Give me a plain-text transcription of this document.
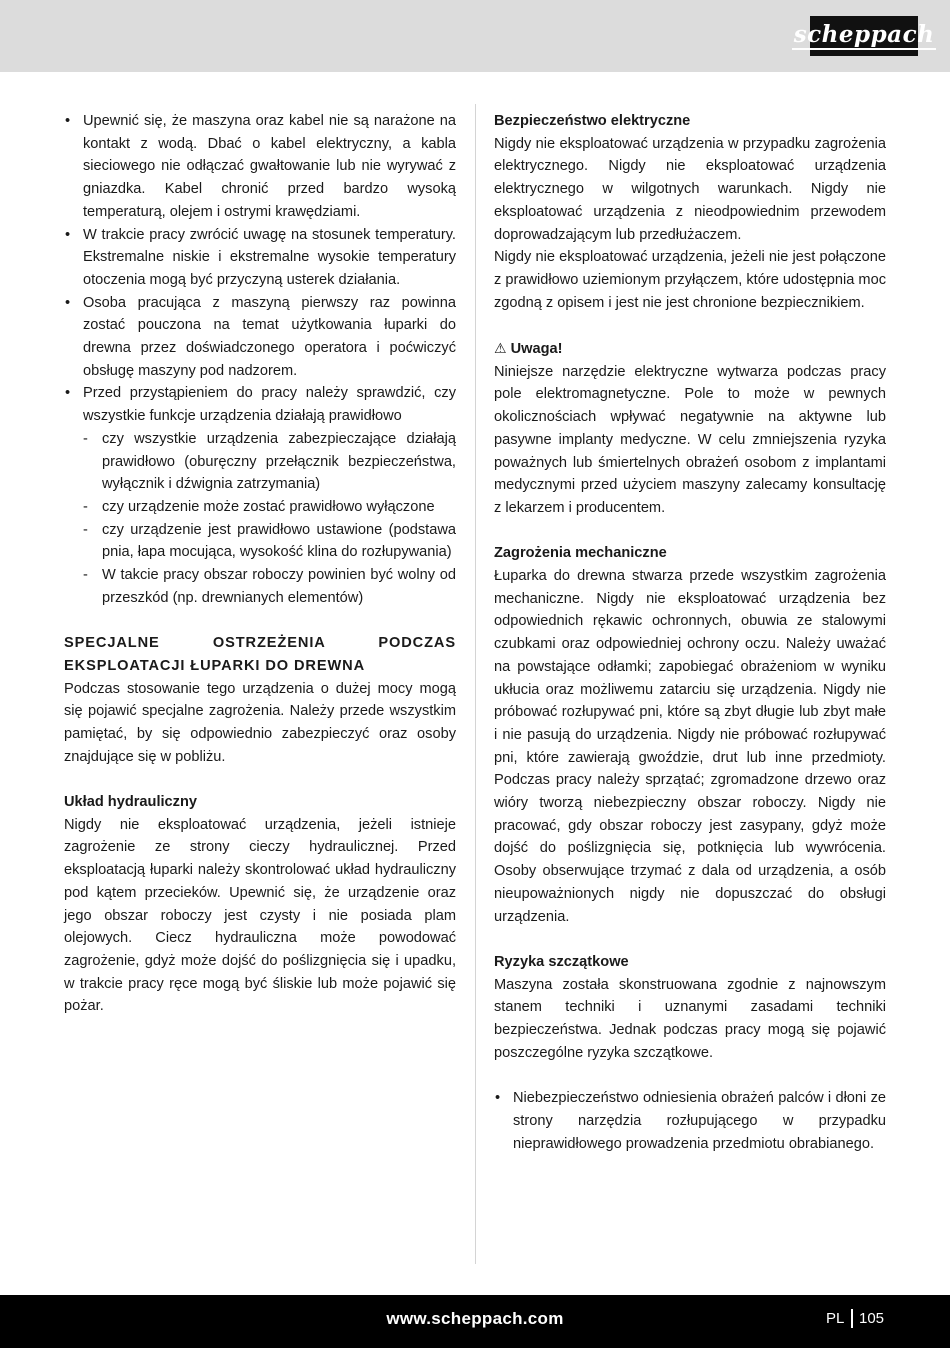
scheppach
• Upewnić się, że maszyna oraz kabel nie są narażone na kontakt z wodą. Dbać o kabel elektryczny, a kabla sieciowego nie odłączać gwałtowanie lub nie wyrywać z gniazdka. Kabel chronić przed bardzo wysoką temperaturą, olejem i ostrymi krawędziami.
• W trakcie pracy zwrócić uwagę na stosunek temperatury. Ekstremalne niskie i ekstremalne wysokie temperatury otoczenia mogą być przyczyną usterek działania.
• Osoba pracująca z maszyną pierwszy raz powinna zostać pouczona na temat użytkowania łuparki do drewna przez doświadczonego operatora i poćwiczyć obsługę maszyny pod nadzorem.
• Przed przystąpieniem do pracy należy sprawdzić, czy wszystkie funkcje urządzenia działają prawidłowo
- czy wszystkie urządzenia zabezpieczające działają prawidłowo (oburęczny przełącznik bezpieczeństwa, wyłącznik i dźwignia zatrzymania)
- czy urządzenie może zostać prawidłowo wyłączone
- czy urządzenie jest prawidłowo ustawione (podstawa pnia, łapa mocująca, wysokość klina do rozłupywania)
- W takcie pracy obszar roboczy powinien być wolny od przeszkód (np. drewnianych elementów)

SPECJALNE OSTRZEŻENIA PODCZAS EKSPLOATACJI ŁUPARKI DO DREWNA

Podczas stosowanie tego urządzenia o dużej mocy mogą się pojawić specjalne zagrożenia. Należy przede wszystkim pamiętać, by się odpowiednio zabezpieczyć oraz osoby znajdujące się w pobliżu.

Układ hydrauliczny

Nigdy nie eksploatować urządzenia, jeżeli istnieje zagrożenie ze strony cieczy hydraulicznej. Przed eksploatacją łuparki należy skontrolować układ hydrauliczny pod kątem przecieków. Upewnić się, że urządzenie oraz jego obszar roboczy jest czysty i nie posiada plam olejowych. Ciecz hydrauliczna może powodować zagrożenie, gdyż może dojść do poślizgnięcia się i upadku, w trakcie pracy ręce mogą być śliskie lub może pojawić się pożar.

Bezpieczeństwo elektryczne

Nigdy nie eksploatować urządzenia w przypadku zagrożenia elektrycznego. Nigdy nie eksploatować urządzenia elektrycznego w wilgotnych warunkach. Nigdy nie eksploatować urządzenia z nieodpowiednim przewodem doprowadzającym lub przedłużaczem.

Nigdy nie eksploatować urządzenia, jeżeli nie jest połączone z prawidłowo uziemionym przyłączem, które udostępnia moc zgodną z opisem i jest nie jest chronione bezpiecznikiem.

⚠ Uwaga!

Niniejsze narzędzie elektryczne wytwarza podczas pracy pole elektromagnetyczne. Pole to może w pewnych okolicznościach wpływać negatywnie na aktywne lub pasywne implanty medyczne. W celu zmniejszenia ryzyka poważnych lub śmiertelnych obrażeń osobom z implantami medycznymi przed użyciem maszyny zalecamy konsultację z lekarzem i producentem.

Zagrożenia mechaniczne

Łuparka do drewna stwarza przede wszystkim zagrożenia mechaniczne. Nigdy nie eksploatować urządzenia bez odpowiednich rękawic ochronnych, obuwia ze stalowymi czubkami oraz odpowiedniej ochrony oczu. Należy uważać na powstające odłamki; zapobiegać obrażeniom w wyniku ukłucia oraz możliwemu zatarciu się urządzenia. Nigdy nie próbować rozłupywać pni, które są zbyt długie lub zbyt małe i nie pasują do urządzenia. Nigdy nie próbować rozłupywać pni, które zawierają gwoździe, drut lub inne przedmioty. Podczas pracy należy sprzątać; zgromadzone drzewo oraz wióry tworzą niebezpieczny obszar roboczy. Nigdy nie pracować, gdy obszar roboczy jest zasypany, gdyż może dojść do poślizgnięcia się, potknięcia lub wywrócenia. Osoby obserwujące trzymać z dala od urządzenia, a osób nieupoważnionych nigdy nie dopuszczać do obsługi urządzenia.

Ryzyka szczątkowe

Maszyna została skonstruowana zgodnie z najnowszym stanem techniki i uznanymi zasadami techniki bezpieczeństwa. Jednak podczas pracy mogą się pojawić poszczególne ryzyka szczątkowe.

• Niebezpieczeństwo odniesienia obrażeń palców i dłoni ze strony narzędzia rozłupującego w przypadku nieprawidłowego prowadzenia przedmiotu obrabianego.
www.scheppach.com	PL 105
